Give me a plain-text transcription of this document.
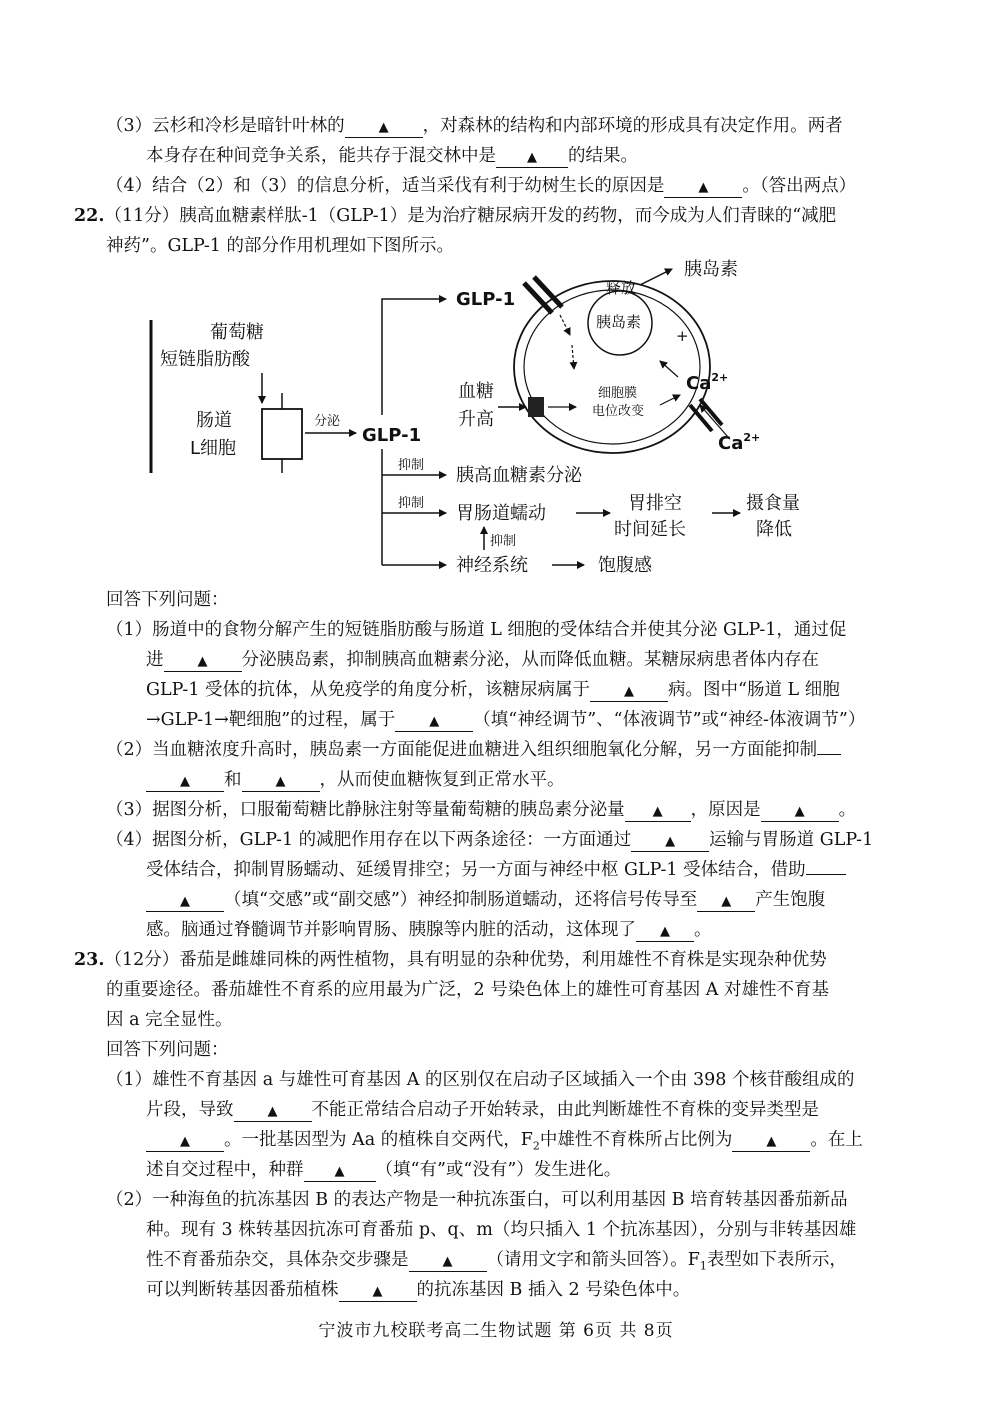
（3）云杉和冷杉是暗针叶林的	▲ ，对森林的结构和内部环境的形成具有决定作用。两者
本身存在种间竞争关系，能共存于混交林中是 ▲ 的结果。
（4）结合（2）和（3）的信息分析，适当采伐有利于幼树生长的原因是	▲ 。（答出两点）
22.（11分）胰高血糖素样肽-1（GLP-1）是为治疗糖尿病开发的药物，而今成为人们青睐的“减肥
神药”。GLP-1 的部分作用机理如下图所示。
葡萄糖
短链脂肪酸
肠道
L细胞
分泌
GLP-1
GLP-1
抑制 胰高血糖素分泌
抑制 胃肠道蠕动	胃排空
时间延长
摄食量
降低
抑制
神经系统	饱腹感
胰岛素
释放
胰岛素
+
血糖
升高
细胞膜
电位改变
$Ca^{2+}$
$Ca^{2+}$
回答下列问题：
（1）肠道中的食物分解产生的短链脂肪酸与肠道 L 细胞的受体结合并使其分泌 GLP-1，通过促
进	▲ 分泌胰岛素，抑制胰高血糖素分泌，从而降低血糖。某糖尿病患者体内存在
GLP-1 受体的抗体，从免疫学的角度分析，该糖尿病属于	▲ 病。图中“肠道 L 细胞
→GLP-1→靶细胞”的过程，属于	▲ （填“神经调节”、“体液调节”或“神经-体液调节”）
（2）当血糖浓度升高时，胰岛素一方面能促进血糖进入组织细胞氧化分解，另一方面能抑制
▲ 和	▲ ，从而使血糖恢复到正常水平。
（3）据图分析，口服葡萄糖比静脉注射等量葡萄糖的胰岛素分泌量 ▲ ，原因是	▲ 。
（4）据图分析，GLP-1 的减肥作用存在以下两条途径：一方面通过	▲ 运输与胃肠道 GLP-1
受体结合，抑制胃肠蠕动、延缓胃排空；另一方面与神经中枢 GLP-1 受体结合，借助
▲ （填“交感”或“副交感”）神经抑制肠道蠕动，还将信号传导至 ▲ 产生饱腹
感。脑通过脊髓调节并影响胃肠、胰腺等内脏的活动，这体现了 ▲ 。
23.（12分）番茄是雌雄同株的两性植物，具有明显的杂种优势，利用雄性不育株是实现杂种优势
的重要途径。番茄雄性不育系的应用最为广泛，2 号染色体上的雄性可育基因 A 对雄性不育基
因 a 完全显性。
回答下列问题：
（1）雄性不育基因 a 与雄性可育基因 A 的区别仅在启动子区域插入一个由 398 个核苷酸组成的
片段，导致	▲ 不能正常结合启动子开始转录，由此判断雄性不育株的变异类型是
▲ 。一批基因型为 Aa 的植株自交两代，$F_2$中雄性不育株所占比例为	▲ 。在上
述自交过程中，种群 ▲ （填“有”或“没有”）发生进化。
（2）一种海鱼的抗冻基因 B 的表达产物是一种抗冻蛋白，可以利用基因 B 培育转基因番茄新品
种。现有 3 株转基因抗冻可育番茄 p、q、m（均只插入 1 个抗冻基因），分别与非转基因雄
性不育番茄杂交，具体杂交步骤是	▲ （请用文字和箭头回答）。$F_1$表型如下表所示，
可以判断转基因番茄植株	▲ 的抗冻基因 B 插入 2 号染色体中。
宁波市九校联考高二生物试题 第 6页 共 8页
